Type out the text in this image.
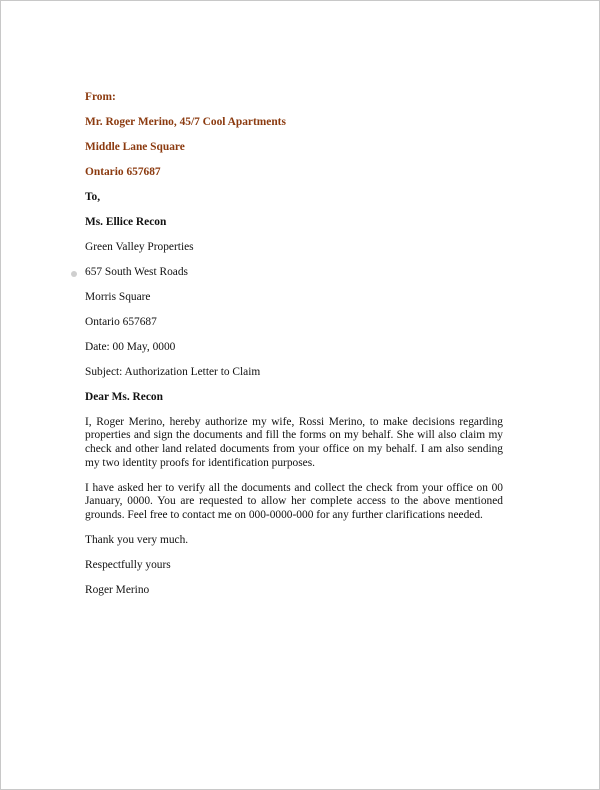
From:
Mr. Roger Merino, 45/7 Cool Apartments
Middle Lane Square
Ontario 657687
To,
Ms. Ellice Recon
Green Valley Properties
657 South West Roads
Morris Square
Ontario 657687
Date: 00 May, 0000
Subject: Authorization Letter to Claim
Dear Ms. Recon
I, Roger Merino, hereby authorize my wife, Rossi Merino, to make decisions regarding properties and sign the documents and fill the forms on my behalf. She will also claim my check and other land related documents from your office on my behalf. I am also sending my two identity proofs for identification purposes.
I have asked her to verify all the documents and collect the check from your office on 00 January, 0000. You are requested to allow her complete access to the above mentioned grounds. Feel free to contact me on 000-0000-000 for any further clarifications needed.
Thank you very much.
Respectfully yours
Roger Merino
